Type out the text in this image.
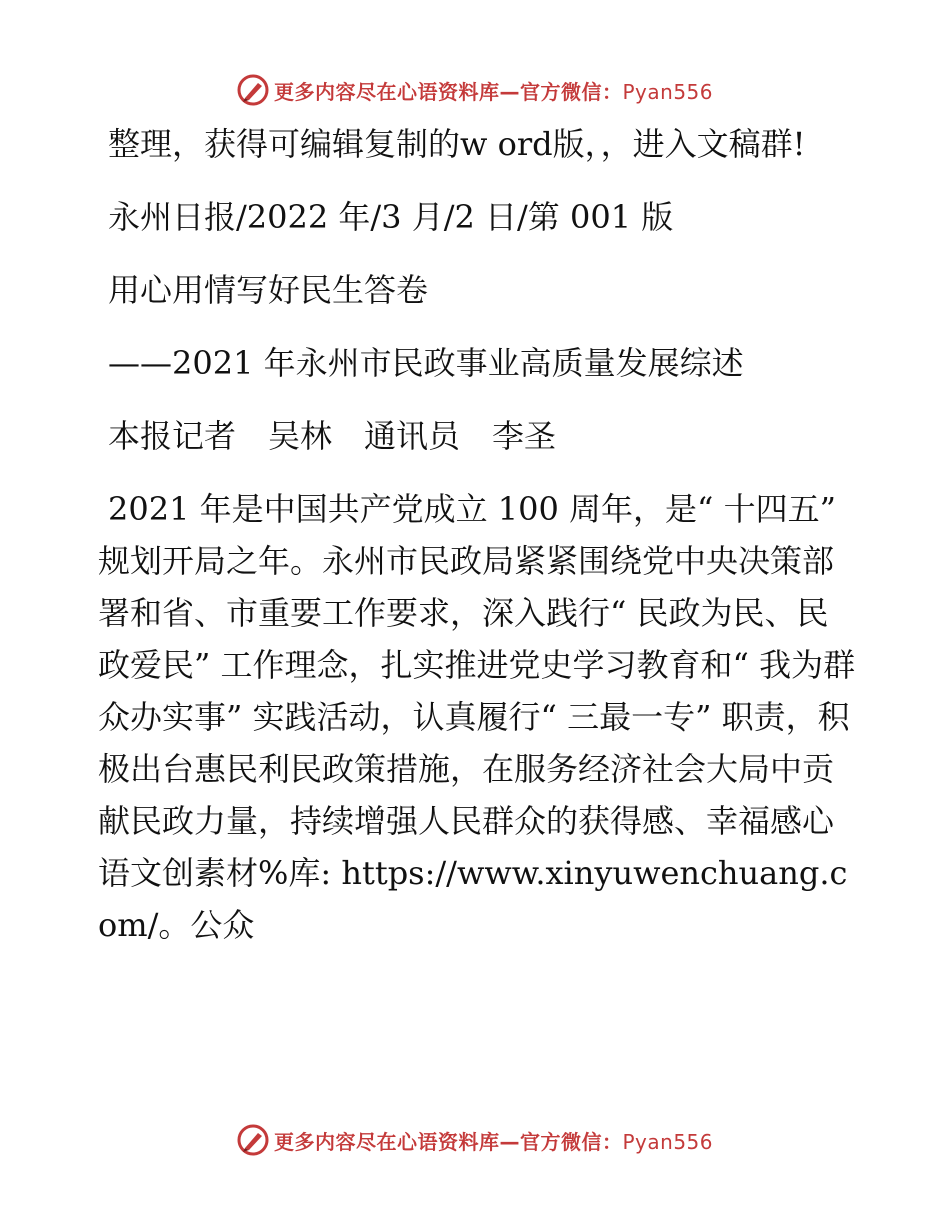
更多内容尽在心语资料库—官方微信：Pyan556

整理，获得可编辑复制的w ord版，，进入文稿群!

永州日报/2022 年/3 月/2 日/第 001 版

用心用情写好民生答卷

——2021 年永州市民政事业高质量发展综述

本报记者　吴林　通讯员　李圣

2021 年是中国共产党成立 100 周年，是“ 十四五” 规划开局之年。永州市民政局紧紧围绕党中央决策部署和省、市重要工作要求，深入践行“ 民政为民、民政爱民” 工作理念，扎实推进党史学习教育和“ 我为群众办实事” 实践活动，认真履行“ 三最一专” 职责，积极出台惠民利民政策措施，在服务经济社会大局中贡献民政力量，持续增强人民群众的获得感、幸福感心语文创素材%库: https://www.xinyuwenchuang.com/。公众

更多内容尽在心语资料库—官方微信：Pyan556
